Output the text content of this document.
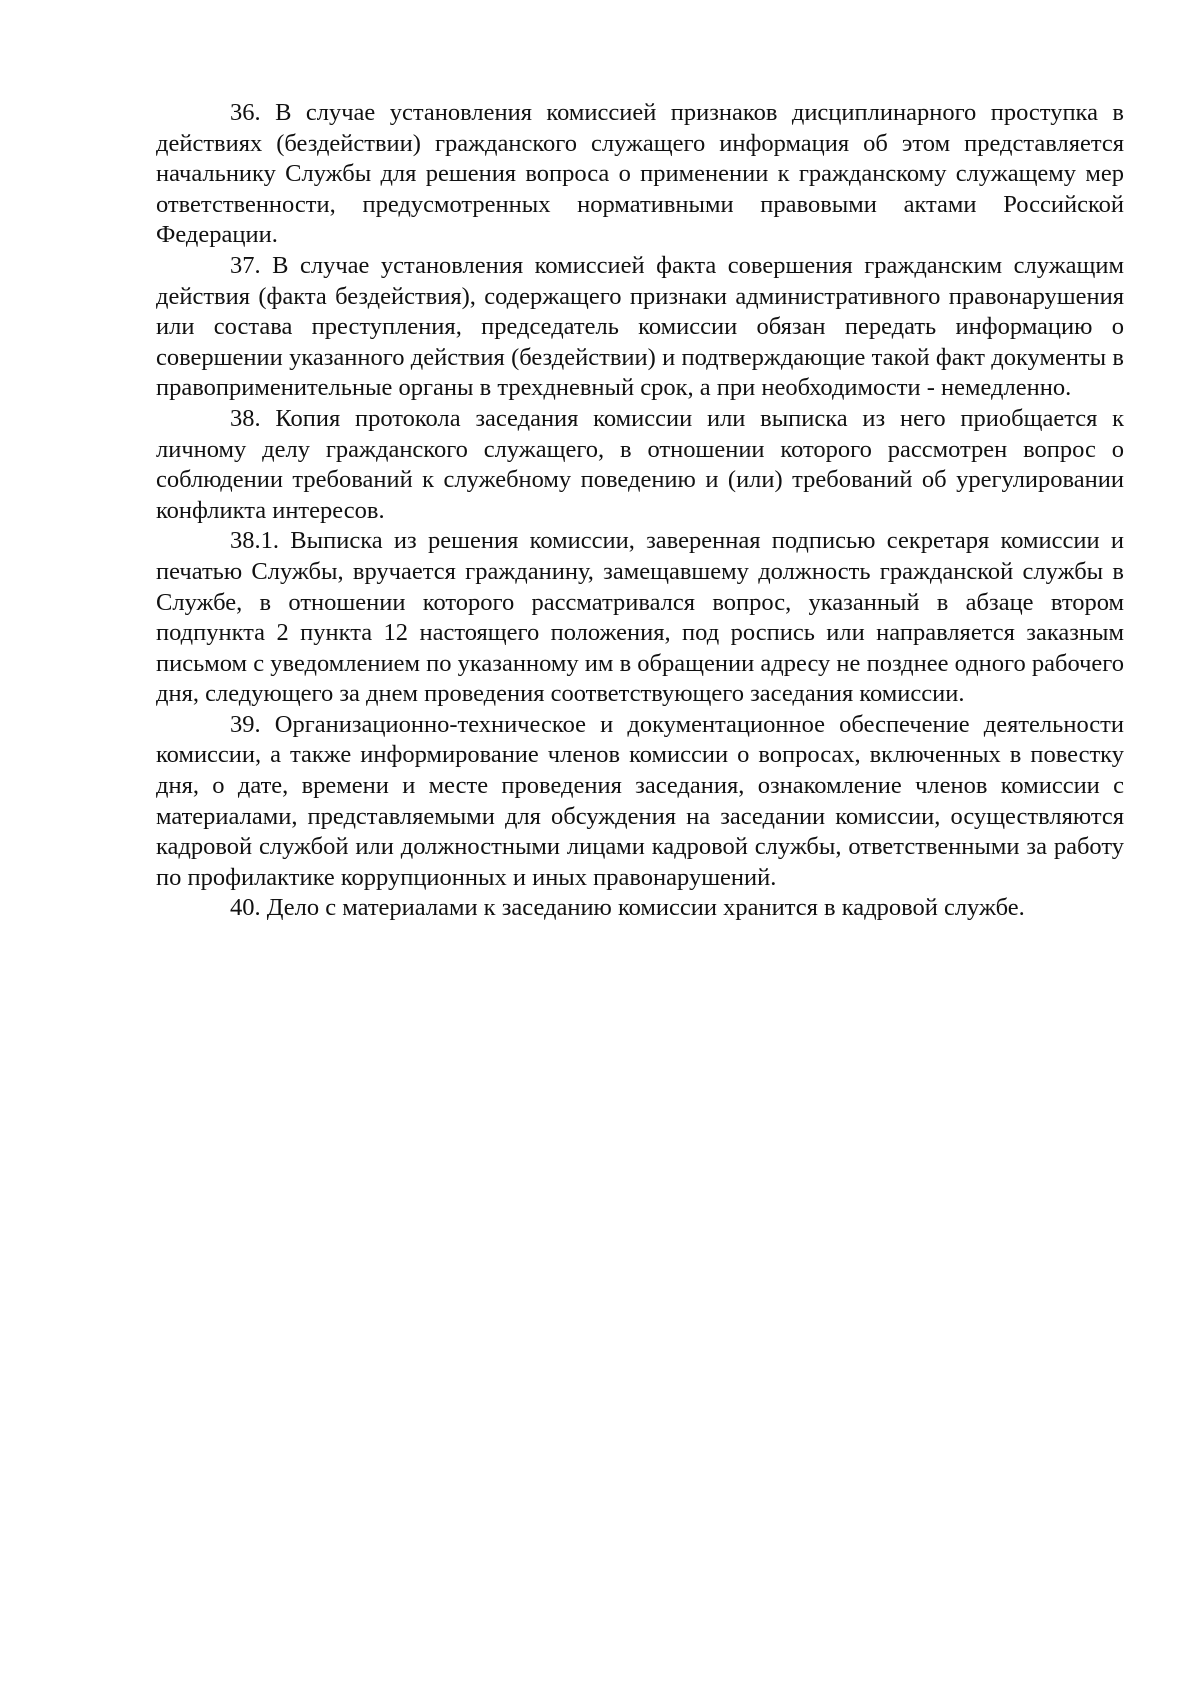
36. В случае установления комиссией признаков дисциплинарного проступка в действиях (бездействии) гражданского служащего информация об этом представляется начальнику Службы для решения вопроса о применении к гражданскому служащему мер ответственности, предусмотренных нормативными правовыми актами Российской Федерации.

37. В случае установления комиссией факта совершения гражданским служащим действия (факта бездействия), содержащего признаки административного правонарушения или состава преступления, председатель комиссии обязан передать информацию о совершении указанного действия (бездействии) и подтверждающие такой факт документы в правоприменительные органы в трехдневный срок, а при необходимости - немедленно.

38. Копия протокола заседания комиссии или выписка из него приобщается к личному делу гражданского служащего, в отношении которого рассмотрен вопрос о соблюдении требований к служебному поведению и (или) требований об урегулировании конфликта интересов.

38.1. Выписка из решения комиссии, заверенная подписью секретаря комиссии и печатью Службы, вручается гражданину, замещавшему должность гражданской службы в Службе, в отношении которого рассматривался вопрос, указанный в абзаце втором подпункта 2 пункта 12 настоящего положения, под роспись или направляется заказным письмом с уведомлением по указанному им в обращении адресу не позднее одного рабочего дня, следующего за днем проведения соответствующего заседания комиссии.

39. Организационно-техническое и документационное обеспечение деятельности комиссии, а также информирование членов комиссии о вопросах, включенных в повестку дня, о дате, времени и месте проведения заседания, ознакомление членов комиссии с материалами, представляемыми для обсуждения на заседании комиссии, осуществляются кадровой службой или должностными лицами кадровой службы, ответственными за работу по профилактике коррупционных и иных правонарушений.

40. Дело с материалами к заседанию комиссии хранится в кадровой службе.
